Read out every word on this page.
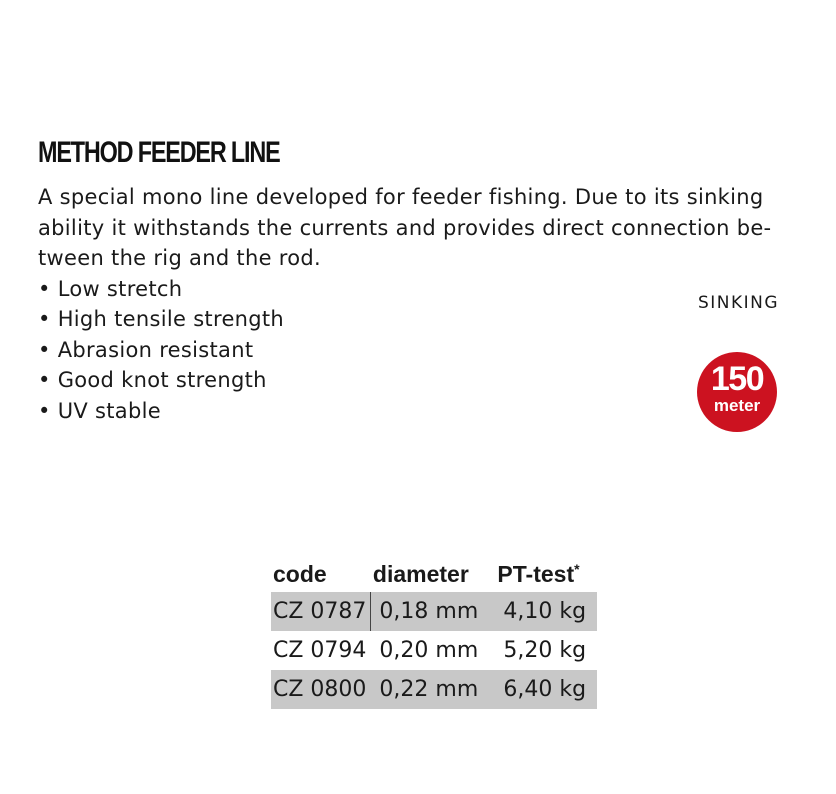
METHOD FEEDER LINE

A special mono line developed for feeder fishing. Due to its sinking ability it withstands the currents and provides direct connection be-tween the rig and the rod.

• Low stretch
• High tensile strength
• Abrasion resistant
• Good knot strength
• UV stable
SINKING
150
meter
code	diameter	PT-test*
CZ 0787	0,18 mm	4,10 kg
CZ 0794	0,20 mm	5,20 kg
CZ 0800	0,22 mm	6,40 kg
